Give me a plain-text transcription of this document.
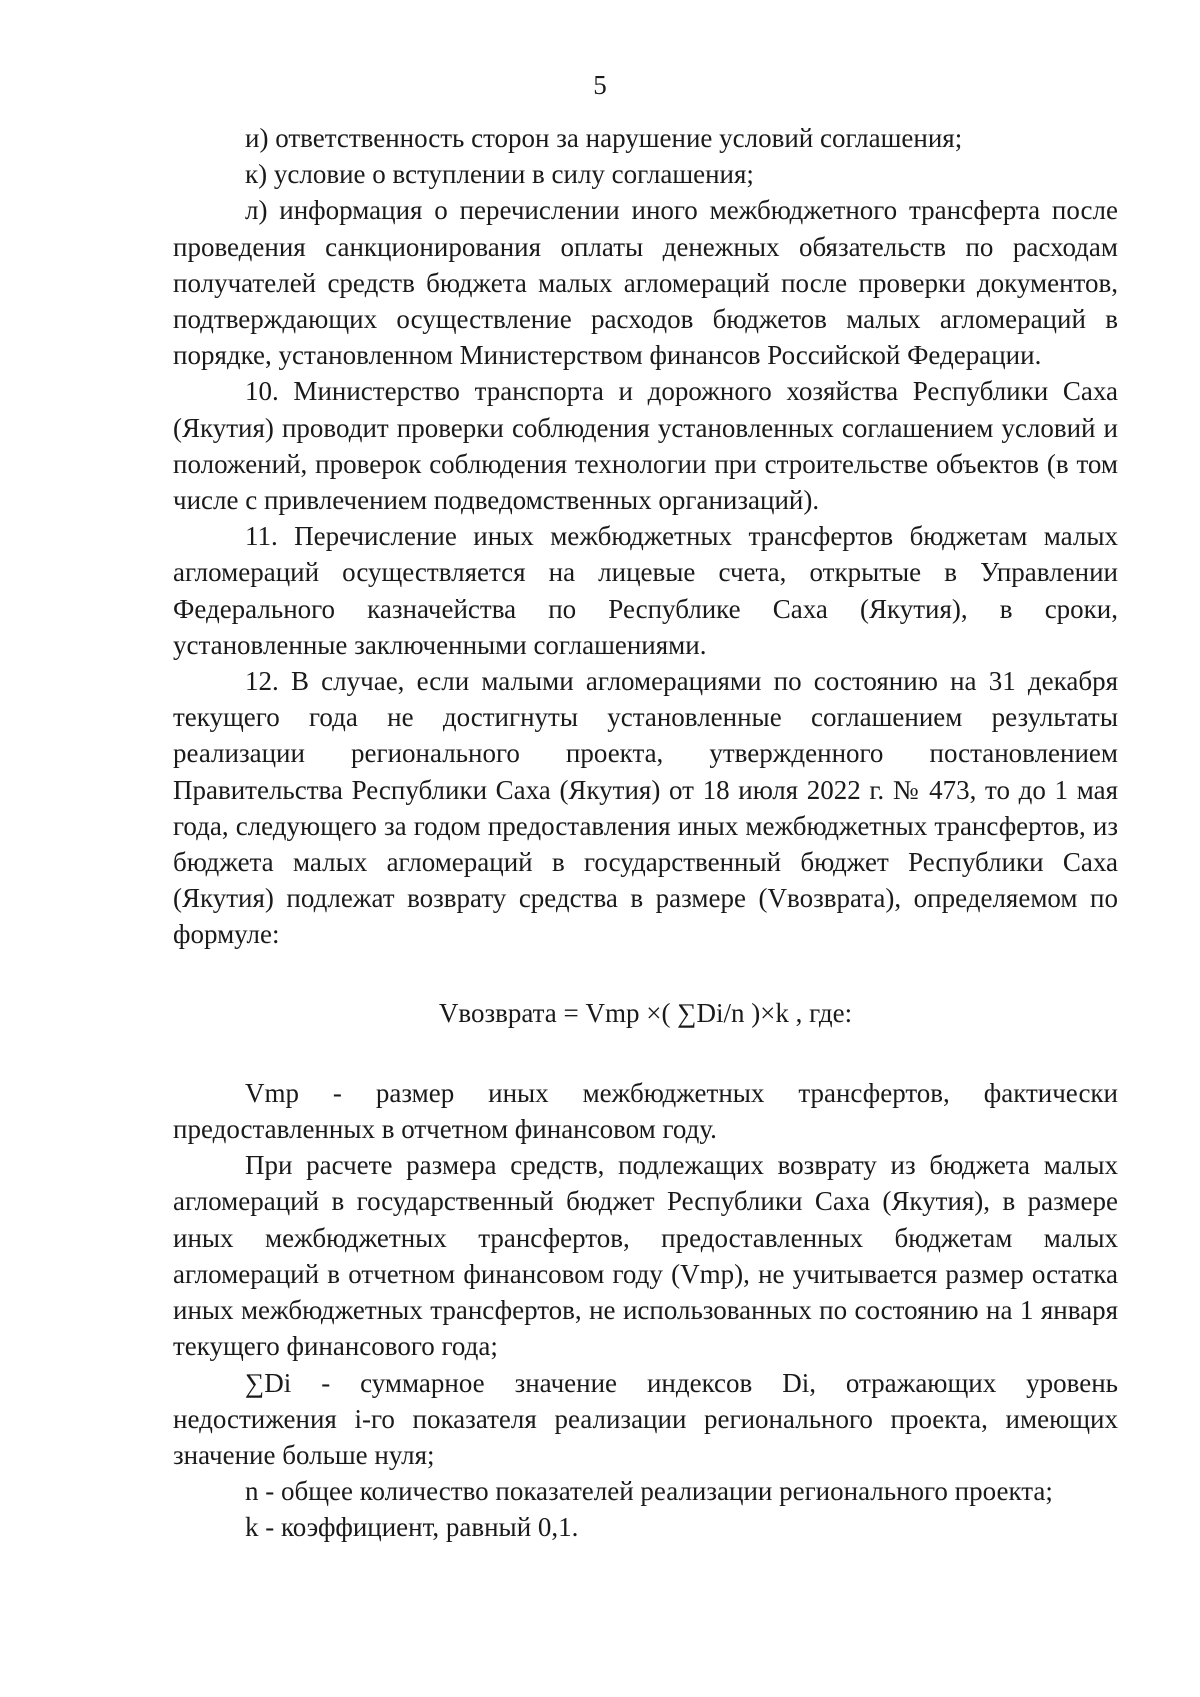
5

и) ответственность сторон за нарушение условий соглашения;

к) условие о вступлении в силу соглашения;

л) информация о перечислении иного межбюджетного трансферта после проведения санкционирования оплаты денежных обязательств по расходам получателей средств бюджета малых агломераций после проверки документов, подтверждающих осуществление расходов бюджетов малых агломераций в порядке, установленном Министерством финансов Российской Федерации.

10. Министерство транспорта и дорожного хозяйства Республики Саха (Якутия) проводит проверки соблюдения установленных соглашением условий и положений, проверок соблюдения технологии при строительстве объектов (в том числе с привлечением подведомственных организаций).

11. Перечисление иных межбюджетных трансфертов бюджетам малых агломераций осуществляется на лицевые счета, открытые в Управлении Федерального казначейства по Республике Саха (Якутия), в сроки, установленные заключенными соглашениями.

12. В случае, если малыми агломерациями по состоянию на 31 декабря текущего года не достигнуты установленные соглашением результаты реализации регионального проекта, утвержденного постановлением Правительства Республики Саха (Якутия) от 18 июля 2022 г. № 473, то до 1 мая года, следующего за годом предоставления иных межбюджетных трансфертов, из бюджета малых агломераций в государственный бюджет Республики Саха (Якутия) подлежат возврату средства в размере (Vвозврата), определяемом по формуле:

Vвозврата = Vmp ×( ∑Di/n )×k , где:

Vmp - размер иных межбюджетных трансфертов, фактически предоставленных в отчетном финансовом году.

При расчете размера средств, подлежащих возврату из бюджета малых агломераций в государственный бюджет Республики Саха (Якутия), в размере иных межбюджетных трансфертов, предоставленных бюджетам малых агломераций в отчетном финансовом году (Vmp), не учитывается размер остатка иных межбюджетных трансфертов, не использованных по состоянию на 1 января текущего финансового года;

∑Di - суммарное значение индексов Di, отражающих уровень недостижения i-го показателя реализации регионального проекта, имеющих значение больше нуля;

n - общее количество показателей реализации регионального проекта;

k - коэффициент, равный 0,1.
